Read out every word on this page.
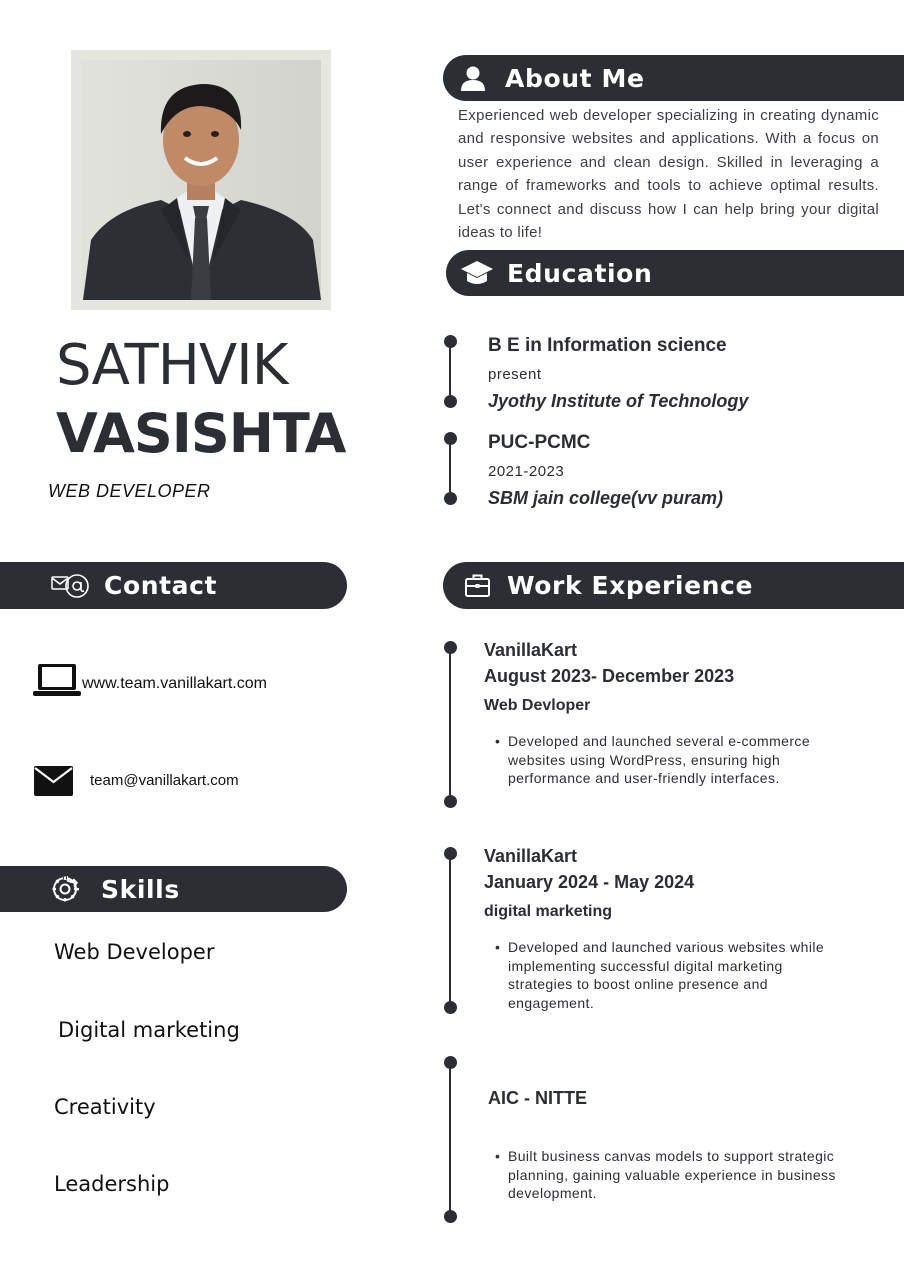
SATHVIK
VASISHTA
WEB DEVELOPER
About Me
Experienced web developer specializing in creating dynamic and responsive websites and applications. With a focus on user experience and clean design. Skilled in leveraging a range of frameworks and tools to achieve optimal results. Let's connect and discuss how I can help bring your digital ideas to life!
Education
B E in Information science
present
Jyothy Institute of Technology
PUC-PCMC
2021-2023
SBM jain college(vv puram)
Contact
www.team.vanillakart.com
team@vanillakart.com
Skills
Web Developer
Digital marketing
Creativity
Leadership
Work Experience
VanillaKart
August 2023- December 2023
Web Devloper
• Developed and launched several e-commerce websites using WordPress, ensuring high performance and user-friendly interfaces.
VanillaKart
January 2024 - May 2024
digital marketing
• Developed and launched various websites while implementing successful digital marketing strategies to boost online presence and engagement.
AIC - NITTE
• Built business canvas models to support strategic planning, gaining valuable experience in business development.
